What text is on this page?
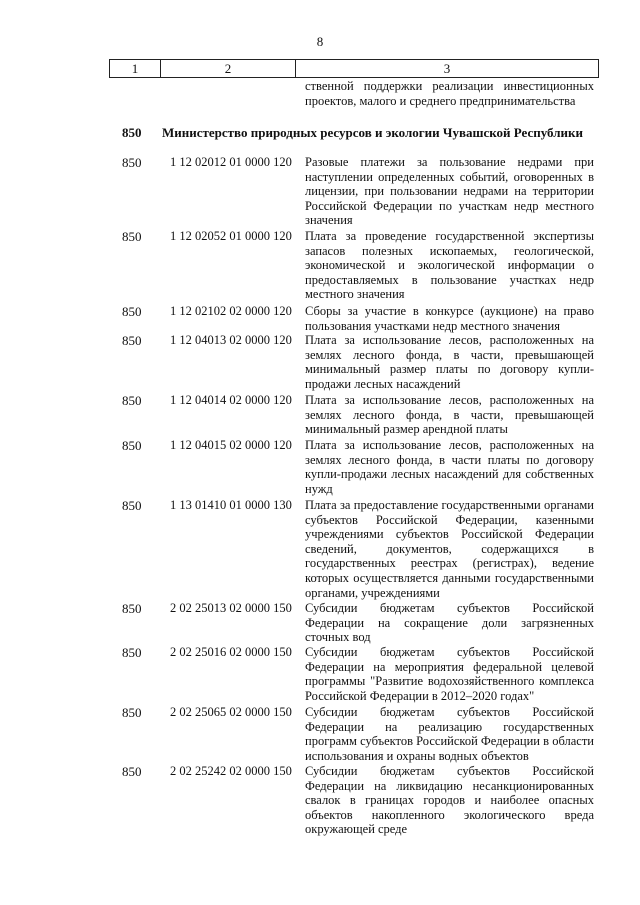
8
1	2	3
ственной поддержки реализации инвестиционных проектов, малого и среднего предпринимательства
850 Министерство природных ресурсов и экологии Чувашской Республики
850	1 12 02012 01 0000 120	Разовые платежи за пользование недрами при наступлении определенных событий, оговоренных в лицензии, при пользовании недрами на территории Российской Федерации по участкам недр местного значения
850	1 12 02052 01 0000 120	Плата за проведение государственной экспертизы запасов полезных ископаемых, геологической, экономической и экологической информации о предоставляемых в пользование участках недр местного значения
850	1 12 02102 02 0000 120	Сборы за участие в конкурсе (аукционе) на право пользования участками недр местного значения
850	1 12 04013 02 0000 120	Плата за использование лесов, расположенных на землях лесного фонда, в части, превышающей минимальный размер платы по договору купли-продажи лесных насаждений
850	1 12 04014 02 0000 120	Плата за использование лесов, расположенных на землях лесного фонда, в части, превышающей минимальный размер арендной платы
850	1 12 04015 02 0000 120	Плата за использование лесов, расположенных на землях лесного фонда, в части платы по договору купли-продажи лесных насаждений для собственных нужд
850	1 13 01410 01 0000 130	Плата за предоставление государственными органами субъектов Российской Федерации, казенными учреждениями субъектов Российской Федерации сведений, документов, содержащихся в государственных реестрах (регистрах), ведение которых осуществляется данными государственными органами, учреждениями
850	2 02 25013 02 0000 150	Субсидии бюджетам субъектов Российской Федерации на сокращение доли загрязненных сточных вод
850	2 02 25016 02 0000 150	Субсидии бюджетам субъектов Российской Федерации на мероприятия федеральной целевой программы "Развитие водохозяйственного комплекса Российской Федерации в 2012–2020 годах"
850	2 02 25065 02 0000 150	Субсидии бюджетам субъектов Российской Федерации на реализацию государственных программ субъектов Российской Федерации в области использования и охраны водных объектов
850	2 02 25242 02 0000 150	Субсидии бюджетам субъектов Российской Федерации на ликвидацию несанкционированных свалок в границах городов и наиболее опасных объектов накопленного экологического вреда окружающей среде
